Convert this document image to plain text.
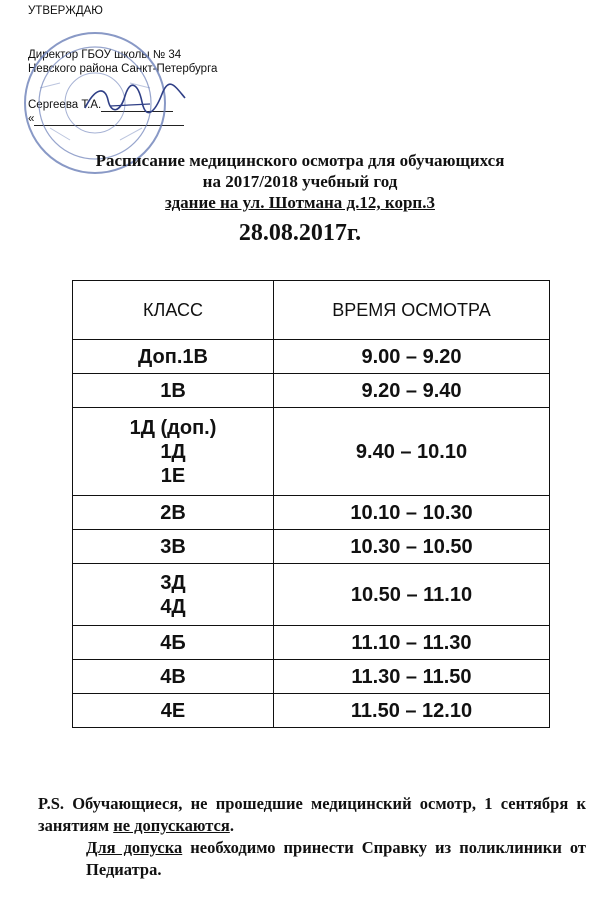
УТВЕРЖДАЮ
Директор ГБОУ школы № 34
Невского района Санкт-Петербурга
Сергеева Т.А.
«
Расписание медицинского осмотра для обучающихся
на 2017/2018 учебный год
здание на ул. Шотмана д.12, корп.3
28.08.2017г.
КЛАСС	ВРЕМЯ ОСМОТРА

Доп.1В	9.00 – 9.20

1В	9.20 – 9.40

1Д (доп.)
1Д
1Е	9.40 – 10.10

2В	10.10 – 10.30

3В	10.30 – 10.50

3Д
4Д	10.50 – 11.10

4Б	11.10 – 11.30

4В	11.30 – 11.50

4Е	11.50 – 12.10

P.S. Обучающиеся, не прошедшие медицинский осмотр, 1 сентября к занятиям не допускаются.

Для допуска необходимо принести Справку из поликлиники от Педиатра.
